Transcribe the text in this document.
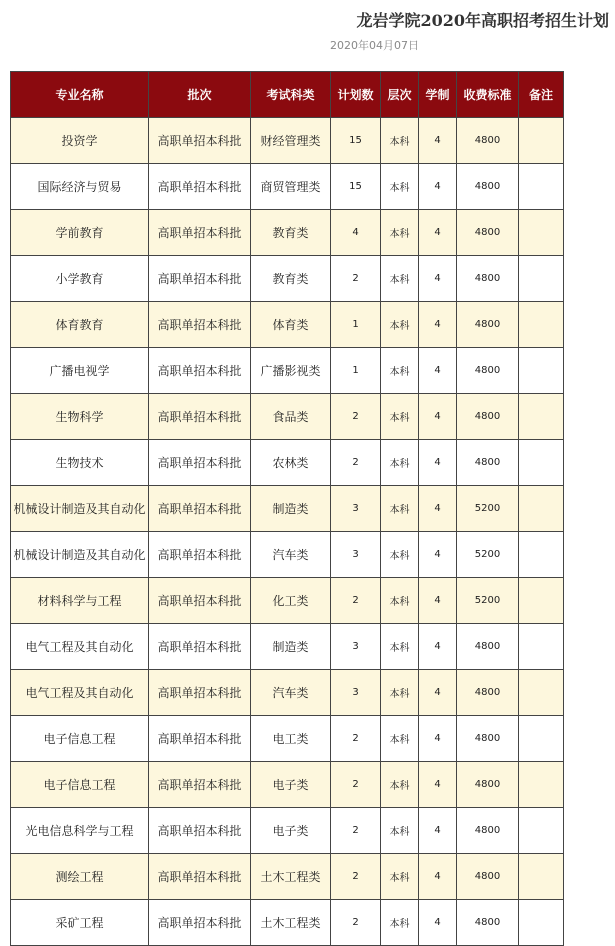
龙岩学院2020年高职招考招生计划
2020年04月07日
专业名称	批次	考试科类	计划数	层次	学制	收费标准	备注
投资学	高职单招本科批	财经管理类	15	本科	4	4800	
国际经济与贸易	高职单招本科批	商贸管理类	15	本科	4	4800	
学前教育	高职单招本科批	教育类	4	本科	4	4800	
小学教育	高职单招本科批	教育类	2	本科	4	4800	
体育教育	高职单招本科批	体育类	1	本科	4	4800	
广播电视学	高职单招本科批	广播影视类	1	本科	4	4800	
生物科学	高职单招本科批	食品类	2	本科	4	4800	
生物技术	高职单招本科批	农林类	2	本科	4	4800	
机械设计制造及其自动化	高职单招本科批	制造类	3	本科	4	5200	
机械设计制造及其自动化	高职单招本科批	汽车类	3	本科	4	5200	
材料科学与工程	高职单招本科批	化工类	2	本科	4	5200	
电气工程及其自动化	高职单招本科批	制造类	3	本科	4	4800	
电气工程及其自动化	高职单招本科批	汽车类	3	本科	4	4800	
电子信息工程	高职单招本科批	电工类	2	本科	4	4800	
电子信息工程	高职单招本科批	电子类	2	本科	4	4800	
光电信息科学与工程	高职单招本科批	电子类	2	本科	4	4800	
测绘工程	高职单招本科批	土木工程类	2	本科	4	4800	
采矿工程	高职单招本科批	土木工程类	2	本科	4	4800	
